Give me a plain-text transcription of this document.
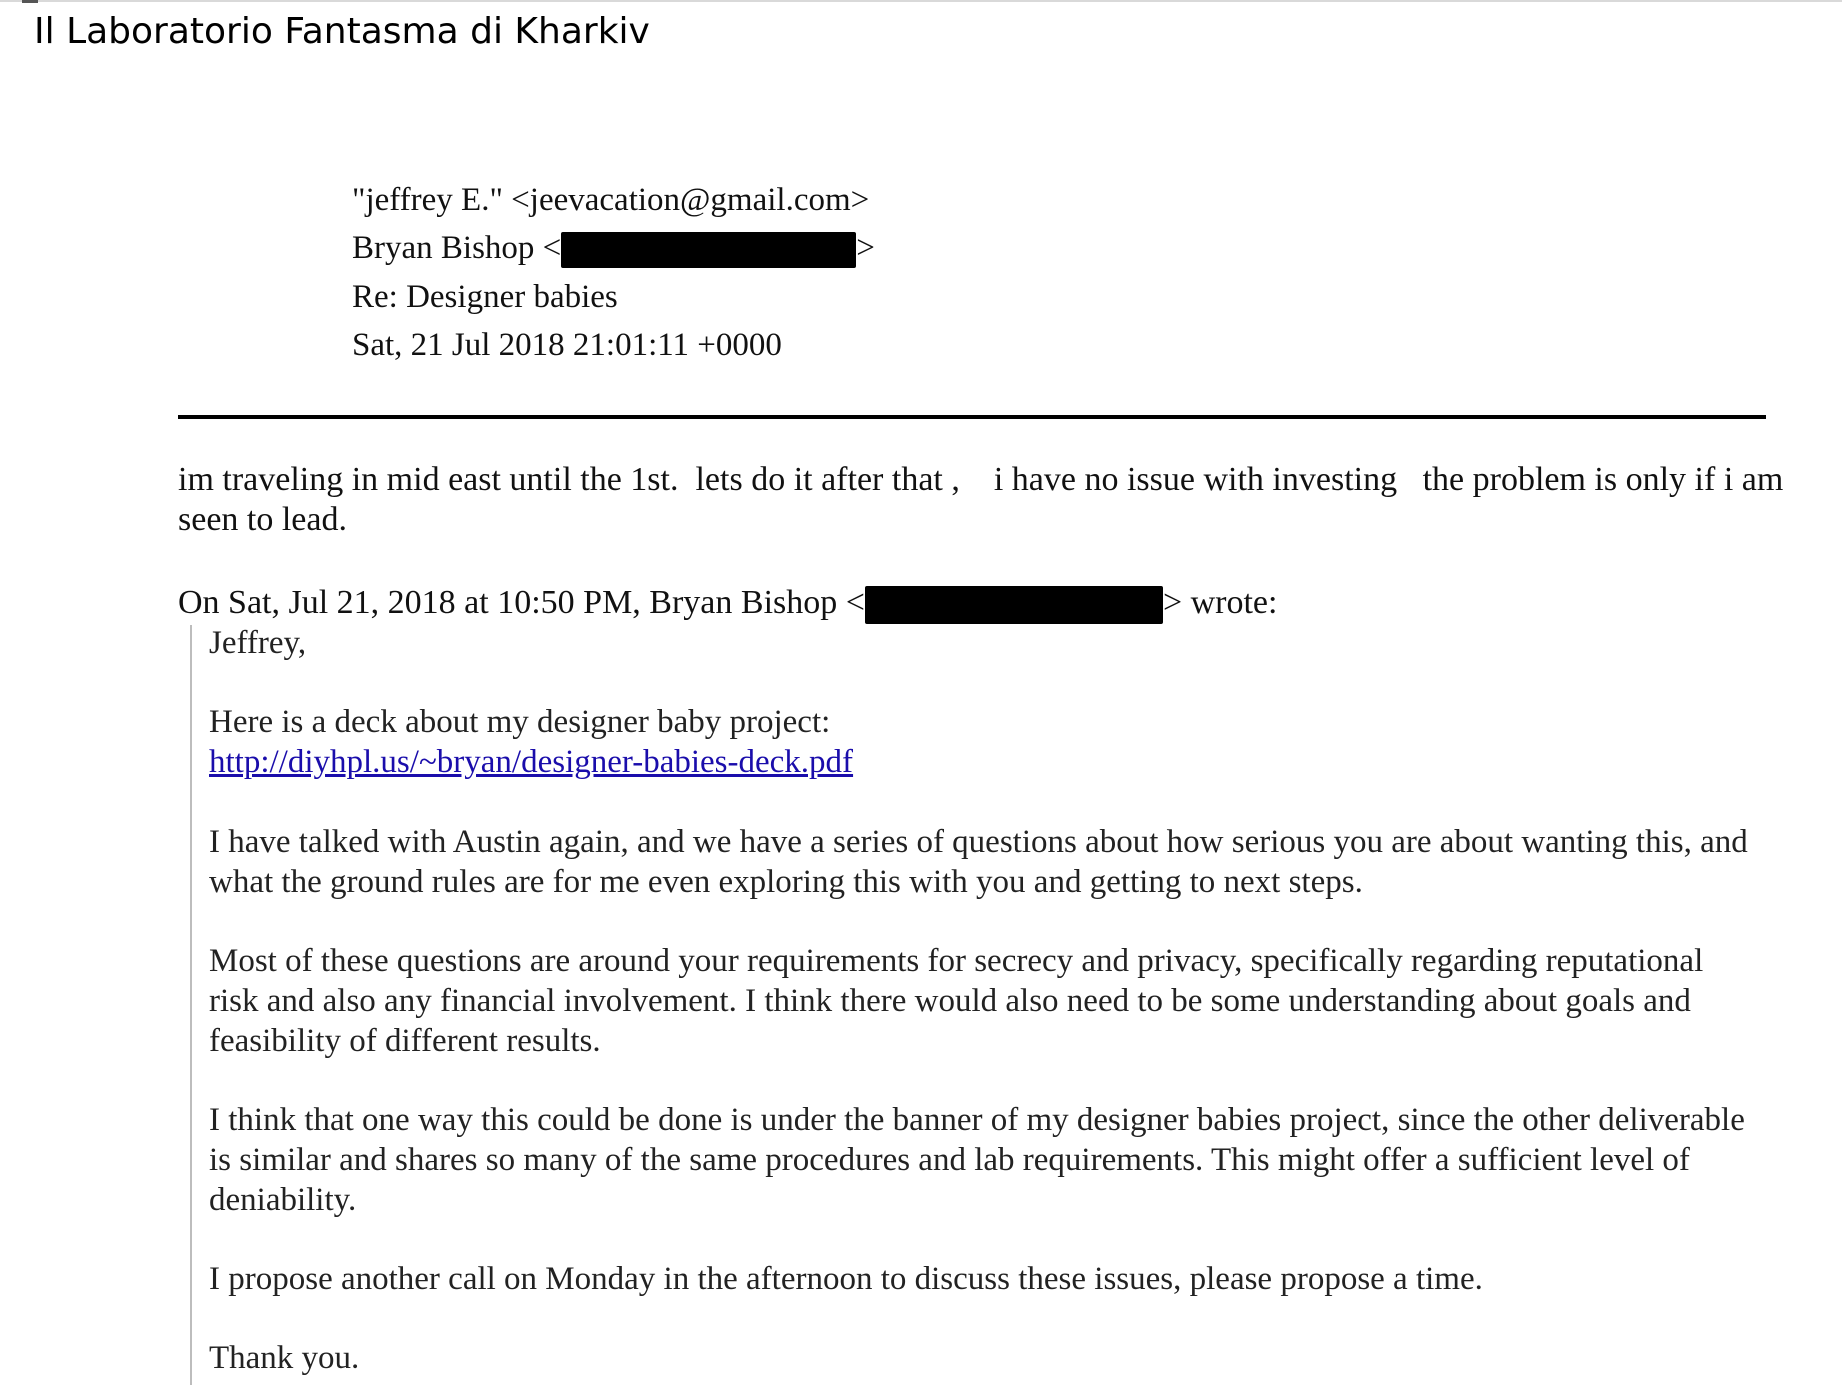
Il Laboratorio Fantasma di Kharkiv
"jeffrey E." <jeevacation@gmail.com>
Bryan Bishop <	>
Re: Designer babies
Sat, 21 Jul 2018 21:01:11 +0000
im traveling in mid east until the 1st.  lets do it after that ,    i have no issue with investing   the problem is only if i am seen to lead.
On Sat, Jul 21, 2018 at 10:50 PM, Bryan Bishop <	> wrote:
Jeffrey,
Here is a deck about my designer baby project:
http://diyhpl.us/~bryan/designer-babies-deck.pdf
I have talked with Austin again, and we have a series of questions about how serious you are about wanting this, and what the ground rules are for me even exploring this with you and getting to next steps.
Most of these questions are around your requirements for secrecy and privacy, specifically regarding reputational risk and also any financial involvement. I think there would also need to be some understanding about goals and feasibility of different results.
I think that one way this could be done is under the banner of my designer babies project, since the other deliverable is similar and shares so many of the same procedures and lab requirements. This might offer a sufficient level of deniability.
I propose another call on Monday in the afternoon to discuss these issues, please propose a time.
Thank you.
